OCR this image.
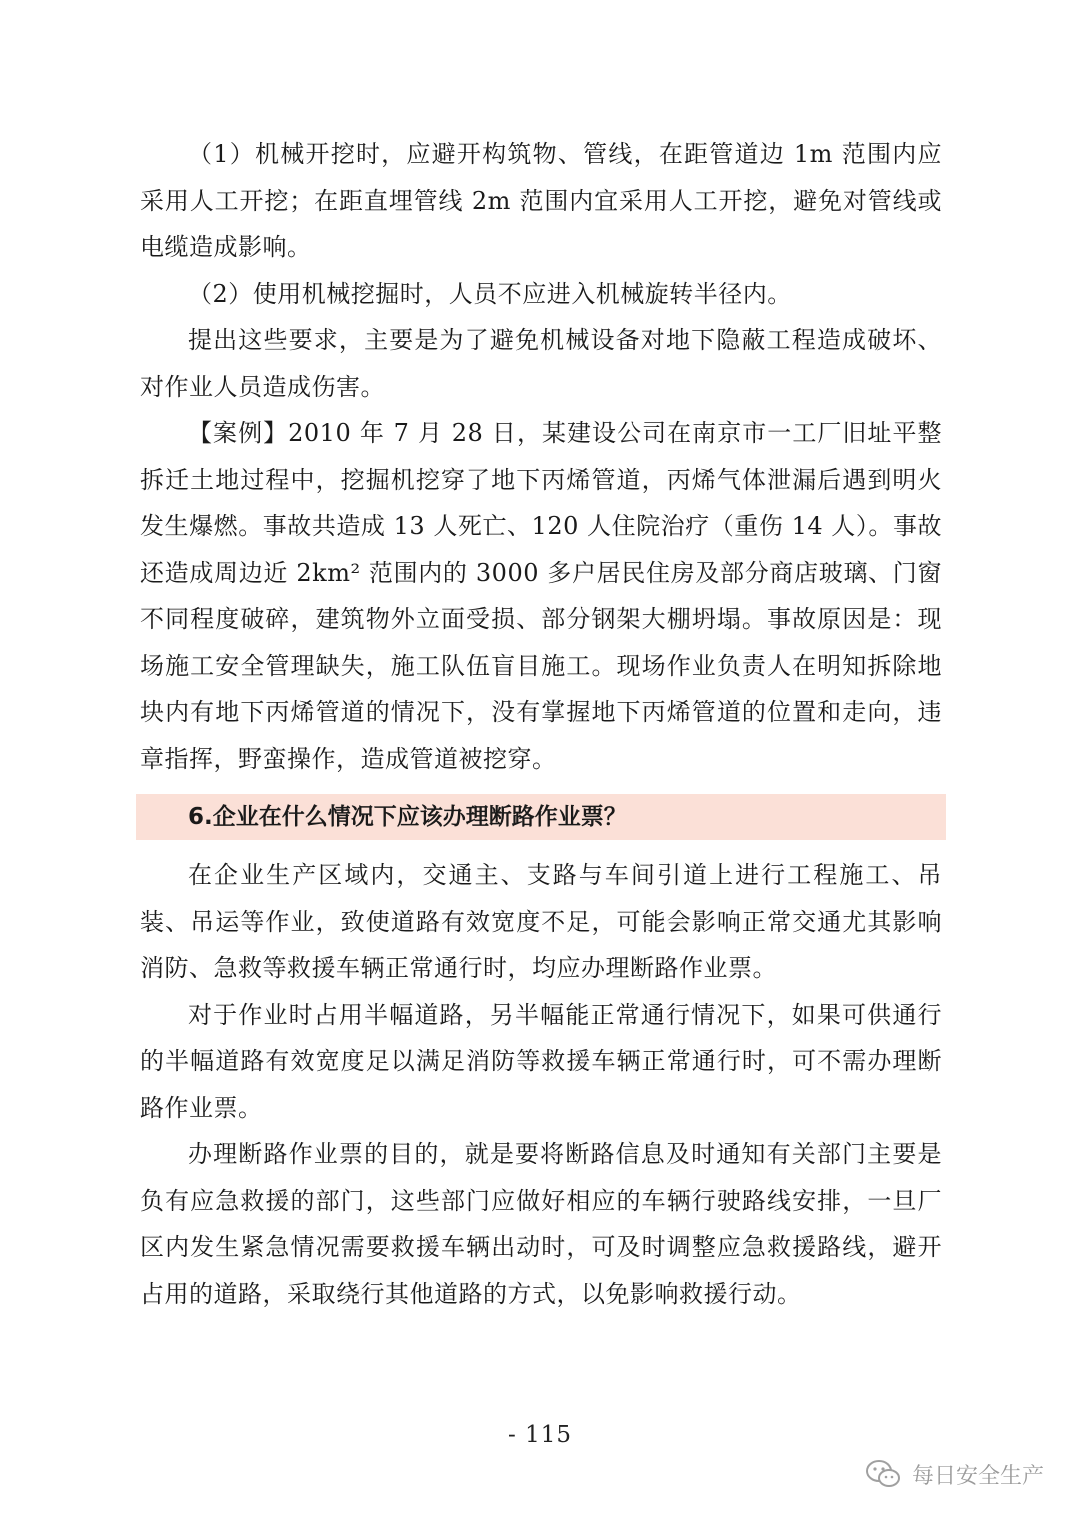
（1）机械开挖时，应避开构筑物、管线，在距管道边 1m 范围内应采用人工开挖；在距直埋管线 2m 范围内宜采用人工开挖，避免对管线或电缆造成影响。

（2）使用机械挖掘时，人员不应进入机械旋转半径内。

提出这些要求，主要是为了避免机械设备对地下隐蔽工程造成破坏、对作业人员造成伤害。

【案例】2010 年 7 月 28 日，某建设公司在南京市一工厂旧址平整拆迁土地过程中，挖掘机挖穿了地下丙烯管道，丙烯气体泄漏后遇到明火发生爆燃。事故共造成 13 人死亡、120 人住院治疗（重伤 14 人）。事故还造成周边近 2km² 范围内的 3000 多户居民住房及部分商店玻璃、门窗不同程度破碎，建筑物外立面受损、部分钢架大棚坍塌。事故原因是：现场施工安全管理缺失，施工队伍盲目施工。现场作业负责人在明知拆除地块内有地下丙烯管道的情况下，没有掌握地下丙烯管道的位置和走向，违章指挥，野蛮操作，造成管道被挖穿。

6.企业在什么情况下应该办理断路作业票？

在企业生产区域内，交通主、支路与车间引道上进行工程施工、吊装、吊运等作业，致使道路有效宽度不足，可能会影响正常交通尤其影响消防、急救等救援车辆正常通行时，均应办理断路作业票。

对于作业时占用半幅道路，另半幅能正常通行情况下，如果可供通行的半幅道路有效宽度足以满足消防等救援车辆正常通行时，可不需办理断路作业票。

办理断路作业票的目的，就是要将断路信息及时通知有关部门主要是负有应急救援的部门，这些部门应做好相应的车辆行驶路线安排，一旦厂区内发生紧急情况需要救援车辆出动时，可及时调整应急救援路线，避开占用的道路，采取绕行其他道路的方式，以免影响救援行动。

- 115
每日安全生产
